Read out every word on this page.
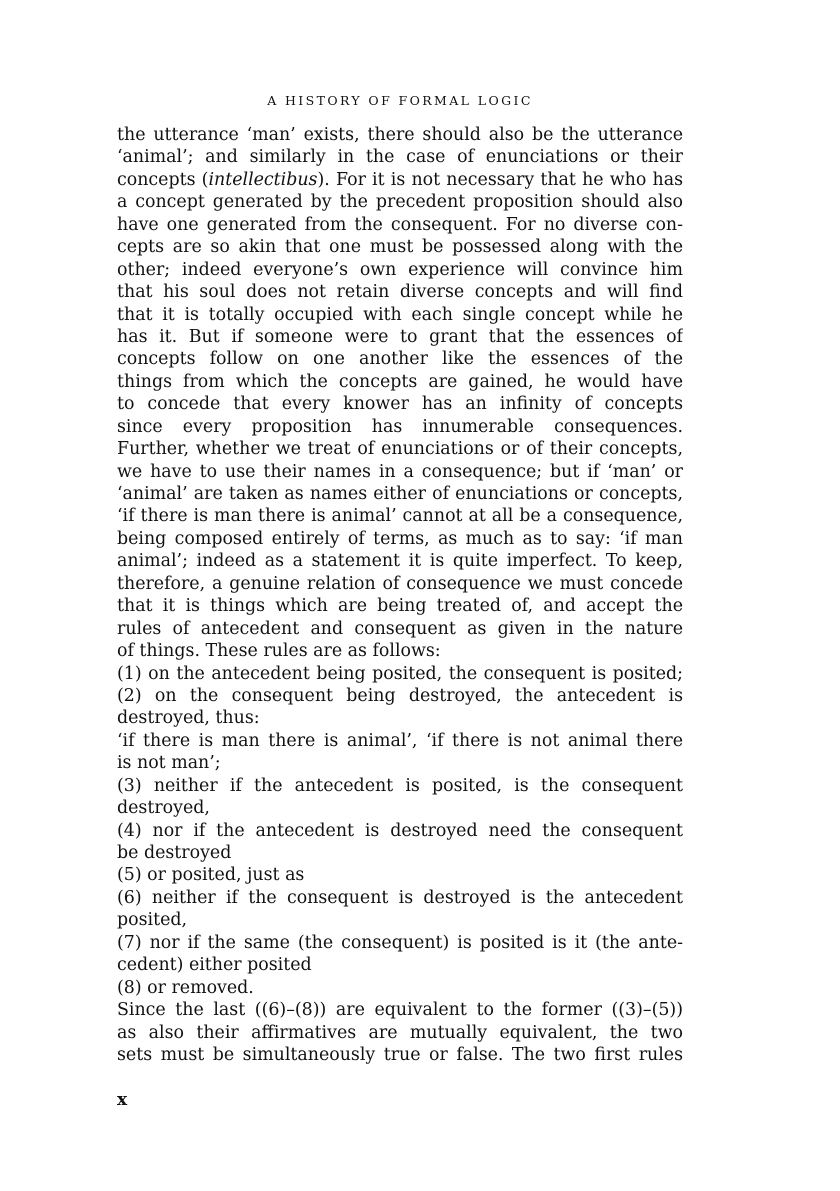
A HISTORY OF FORMAL LOGIC
the utterance ‘man’ exists, there should also be the utterance
‘animal’; and similarly in the case of enunciations or their
concepts (intellectibus). For it is not necessary that he who has
a concept generated by the precedent proposition should also
have one generated from the consequent. For no diverse con-
cepts are so akin that one must be possessed along with the
other; indeed everyone’s own experience will convince him
that his soul does not retain diverse concepts and will find
that it is totally occupied with each single concept while he
has it. But if someone were to grant that the essences of
concepts follow on one another like the essences of the
things from which the concepts are gained, he would have
to concede that every knower has an infinity of concepts
since every proposition has innumerable consequences.
Further, whether we treat of enunciations or of their concepts,
we have to use their names in a consequence; but if ‘man’ or
‘animal’ are taken as names either of enunciations or concepts,
‘if there is man there is animal’ cannot at all be a consequence,
being composed entirely of terms, as much as to say: ‘if man
animal’; indeed as a statement it is quite imperfect. To keep,
therefore, a genuine relation of consequence we must concede
that it is things which are being treated of, and accept the
rules of antecedent and consequent as given in the nature
of things. These rules are as follows:
(1) on the antecedent being posited, the consequent is posited;
(2) on the consequent being destroyed, the antecedent is
destroyed, thus:
‘if there is man there is animal’, ‘if there is not animal there
is not man’;
(3) neither if the antecedent is posited, is the consequent
destroyed,
(4) nor if the antecedent is destroyed need the consequent
be destroyed
(5) or posited, just as
(6) neither if the consequent is destroyed is the antecedent
posited,
(7) nor if the same (the consequent) is posited is it (the ante-
cedent) either posited
(8) or removed.
Since the last ((6)–(8)) are equivalent to the former ((3)–(5))
as also their affirmatives are mutually equivalent, the two
sets must be simultaneously true or false. The two first rules
x
